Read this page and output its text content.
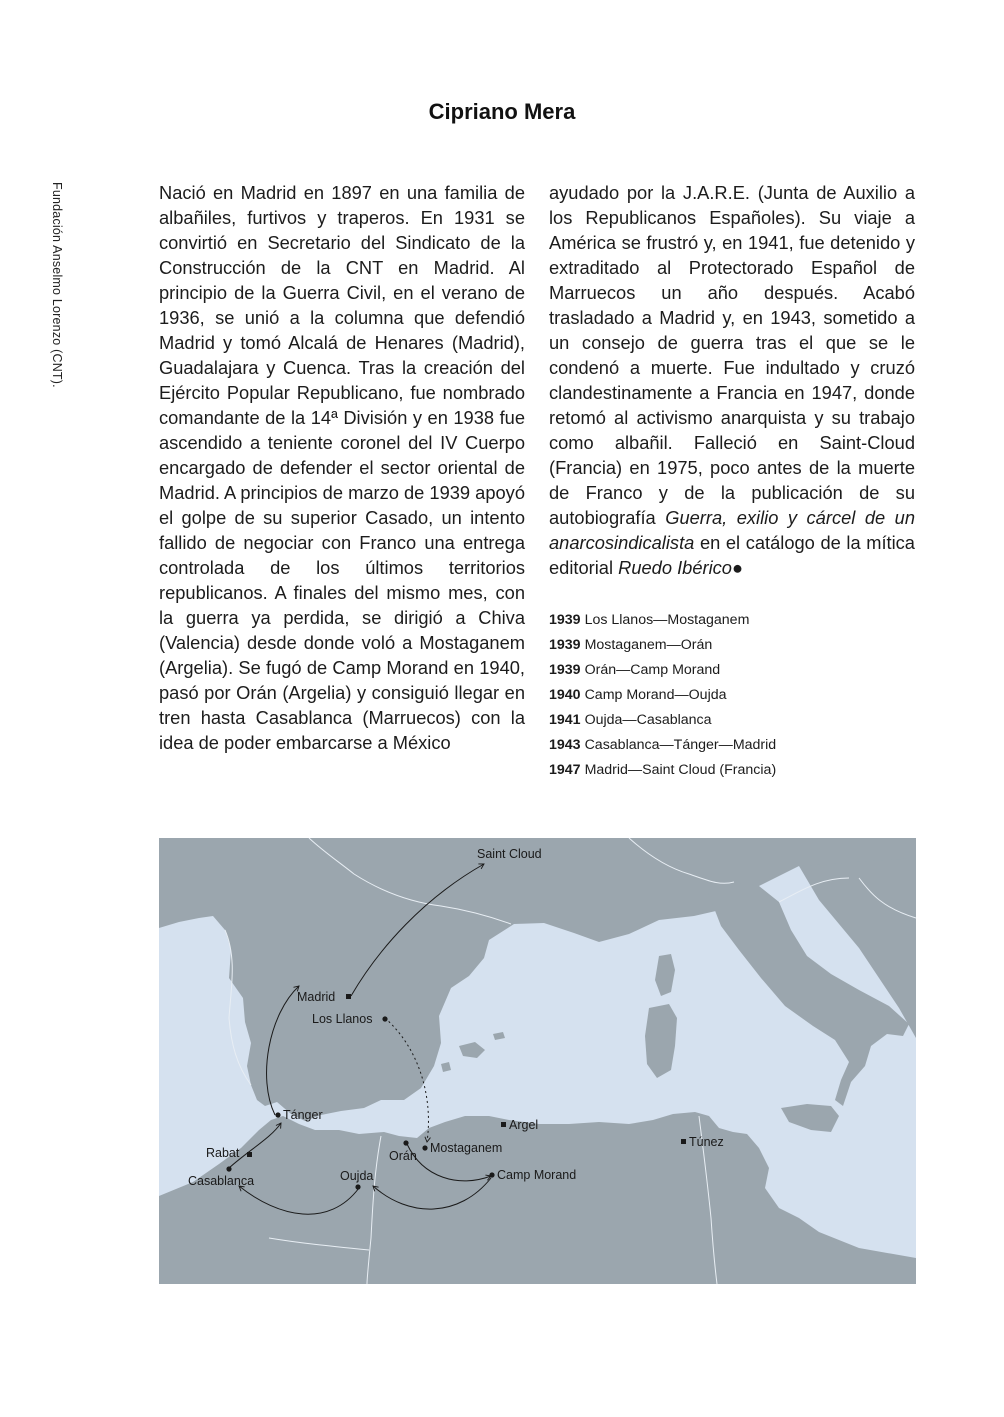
Fundación Anselmo Lorenzo (CNT).
Cipriano Mera

Nació en Madrid en 1897 en una familia de albañiles, furtivos y traperos. En 1931 se convirtió en Secretario del Sindicato de la Construcción de la CNT en Madrid. Al principio de la Guerra Civil, en el verano de 1936, se unió a la columna que defendió Madrid y tomó Alcalá de Henares (Madrid), Guadalajara y Cuenca. Tras la creación del Ejército Popular Republicano, fue nombrado comandante de la 14ª División y en 1938 fue ascendido a teniente coronel del IV Cuerpo encargado de defender el sector oriental de Madrid. A principios de marzo de 1939 apoyó el golpe de su superior Casado, un intento fallido de negociar con Franco una entrega controlada de los últimos territorios republicanos. A finales del mismo mes, con la guerra ya perdida, se dirigió a Chiva (Valencia) desde donde voló a Mostaganem (Argelia). Se fugó de Camp Morand en 1940, pasó por Orán (Argelia) y consiguió llegar en tren hasta Casablanca (Marruecos) con la idea de poder embarcarse a México

ayudado por la J.A.R.E. (Junta de Auxilio a los Republicanos Españoles). Su viaje a América se frustró y, en 1941, fue detenido y extraditado al Protectorado Español de Marruecos un año después. Acabó trasladado a Madrid y, en 1943, sometido a un consejo de guerra tras el que se le condenó a muerte. Fue indultado y cruzó clandestinamente a Francia en 1947, donde retomó al activismo anarquista y su trabajo como albañil. Falleció en Saint-Cloud (Francia) en 1975, poco antes de la muerte de Franco y de la publicación de su autobiografía Guerra, exilio y cárcel de un anarcosindicalista en el catálogo de la mítica editorial Ruedo Ibérico●

1939 Los Llanos—Mostaganem
1939 Mostaganem—Orán
1939 Orán—Camp Morand
1940 Camp Morand—Oujda
1941 Oujda—Casablanca
1943 Casablanca—Tánger—Madrid
1947 Madrid—Saint Cloud (Francia)
Saint Cloud
Madrid
Los Llanos
Tánger
Rabat
Casablanca	Oujda
Orán
Mostaganem
Argel
Camp Morand
Túnez
